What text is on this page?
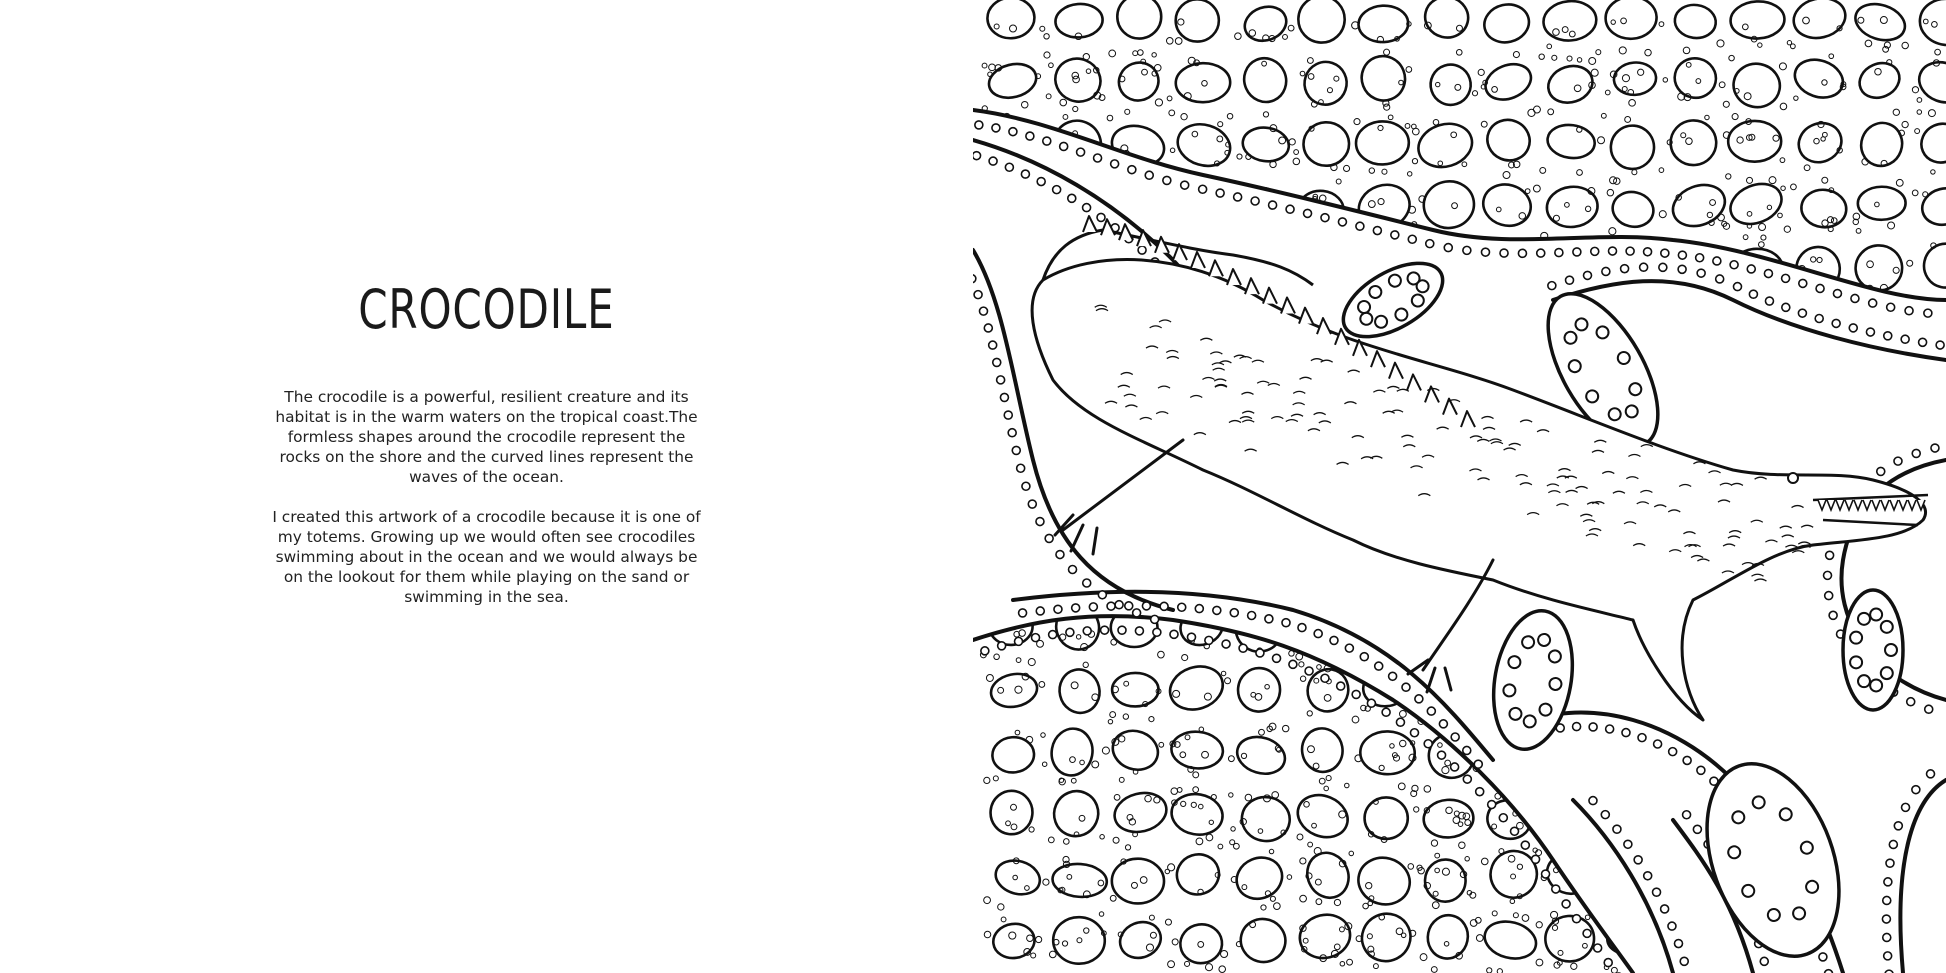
CROCODILE

The crocodile is a powerful, resilient creature and its habitat is in the warm waters on the tropical coast.The formless shapes around the crocodile represent the rocks on the shore and the curved lines represent the waves of the ocean.

I created this artwork of a crocodile because it is one of my totems. Growing up we would often see crocodiles swimming about in the ocean and we would always be on the lookout for them while playing on the sand or swimming in the sea.
